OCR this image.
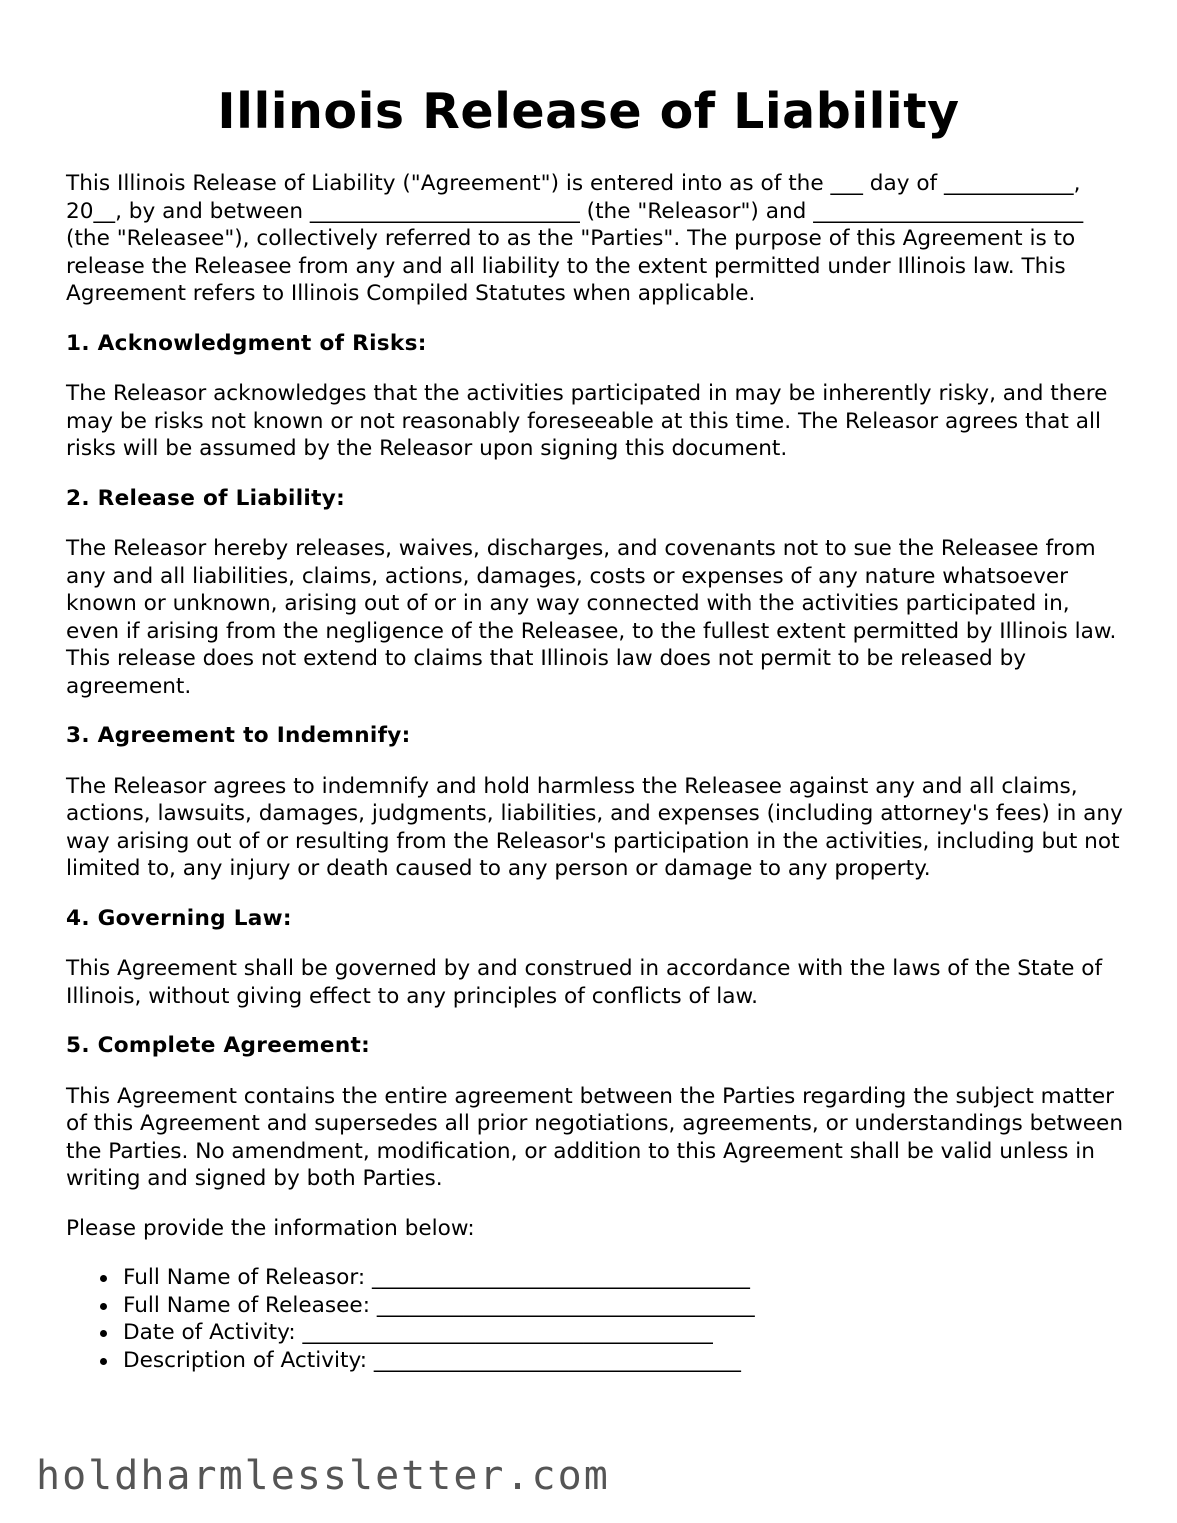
Illinois Release of Liability

This Illinois Release of Liability ("Agreement") is entered into as of the ___ day of ____________, 20__, by and between _________________________ (the "Releasor") and _________________________ (the "Releasee"), collectively referred to as the "Parties". The purpose of this Agreement is to release the Releasee from any and all liability to the extent permitted under Illinois law. This Agreement refers to Illinois Compiled Statutes when applicable.

1. Acknowledgment of Risks:

The Releasor acknowledges that the activities participated in may be inherently risky, and there may be risks not known or not reasonably foreseeable at this time. The Releasor agrees that all risks will be assumed by the Releasor upon signing this document.

2. Release of Liability:

The Releasor hereby releases, waives, discharges, and covenants not to sue the Releasee from any and all liabilities, claims, actions, damages, costs or expenses of any nature whatsoever known or unknown, arising out of or in any way connected with the activities participated in, even if arising from the negligence of the Releasee, to the fullest extent permitted by Illinois law. This release does not extend to claims that Illinois law does not permit to be released by agreement.

3. Agreement to Indemnify:

The Releasor agrees to indemnify and hold harmless the Releasee against any and all claims, actions, lawsuits, damages, judgments, liabilities, and expenses (including attorney's fees) in any way arising out of or resulting from the Releasor's participation in the activities, including but not limited to, any injury or death caused to any person or damage to any property.

4. Governing Law:

This Agreement shall be governed by and construed in accordance with the laws of the State of Illinois, without giving effect to any principles of conflicts of law.

5. Complete Agreement:

This Agreement contains the entire agreement between the Parties regarding the subject matter of this Agreement and supersedes all prior negotiations, agreements, or understandings between the Parties. No amendment, modification, or addition to this Agreement shall be valid unless in writing and signed by both Parties.

Please provide the information below:

Full Name of Releasor: ___________________________________
Full Name of Releasee: ___________________________________
Date of Activity: ______________________________________
Description of Activity: __________________________________
holdharmlessletter.com
